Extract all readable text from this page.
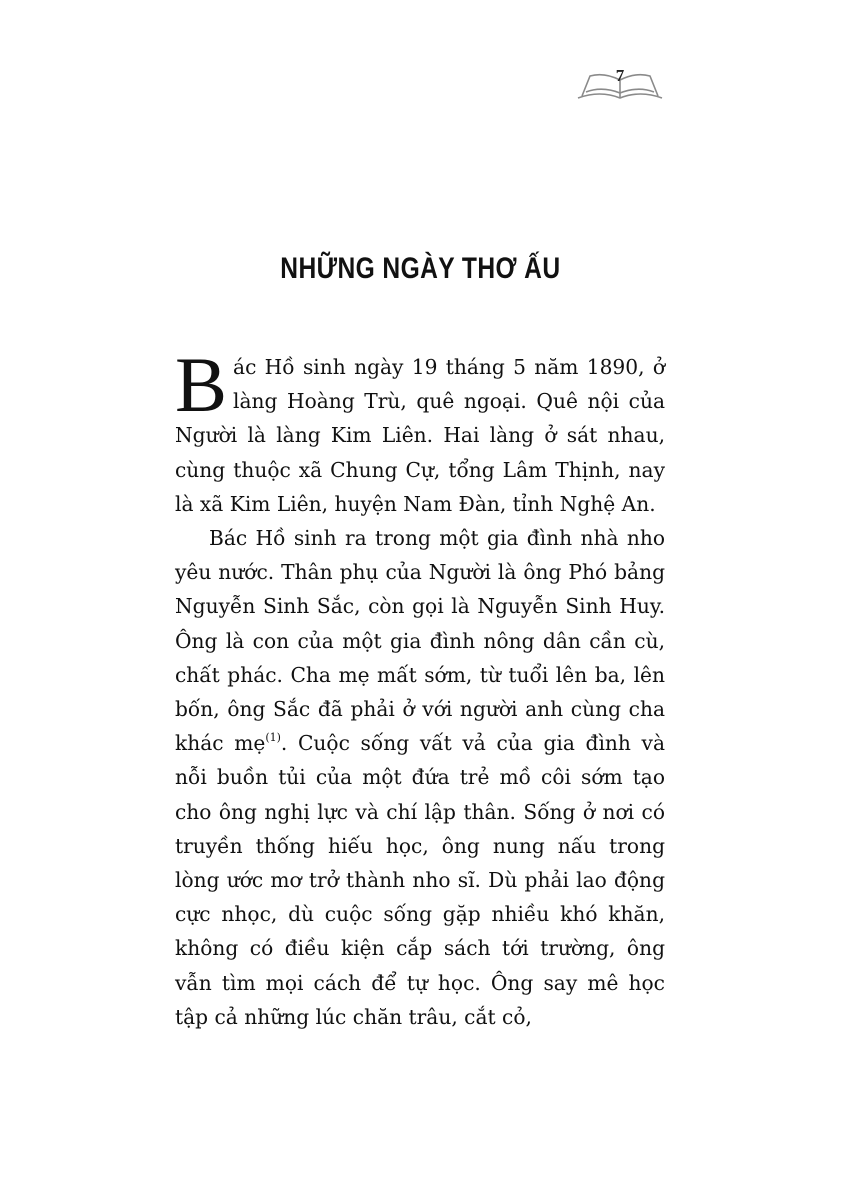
7
NHỮNG NGÀY THƠ ẤU

Bác Hồ sinh ngày 19 tháng 5 năm 1890, ở làng Hoàng Trù, quê ngoại. Quê nội của Người là làng Kim Liên. Hai làng ở sát nhau, cùng thuộc xã Chung Cự, tổng Lâm Thịnh, nay là xã Kim Liên, huyện Nam Đàn, tỉnh Nghệ An.

Bác Hồ sinh ra trong một gia đình nhà nho yêu nước. Thân phụ của Người là ông Phó bảng Nguyễn Sinh Sắc, còn gọi là Nguyễn Sinh Huy. Ông là con của một gia đình nông dân cần cù, chất phác. Cha mẹ mất sớm, từ tuổi lên ba, lên bốn, ông Sắc đã phải ở với người anh cùng cha khác mẹ$^{(1)}$. Cuộc sống vất vả của gia đình và nỗi buồn tủi của một đứa trẻ mồ côi sớm tạo cho ông nghị lực và chí lập thân. Sống ở nơi có truyền thống hiếu học, ông nung nấu trong lòng ước mơ trở thành nho sĩ. Dù phải lao động cực nhọc, dù cuộc sống gặp nhiều khó khăn, không có điều kiện cắp sách tới trường, ông vẫn tìm mọi cách để tự học. Ông say mê học tập cả những lúc chăn trâu, cắt cỏ,
